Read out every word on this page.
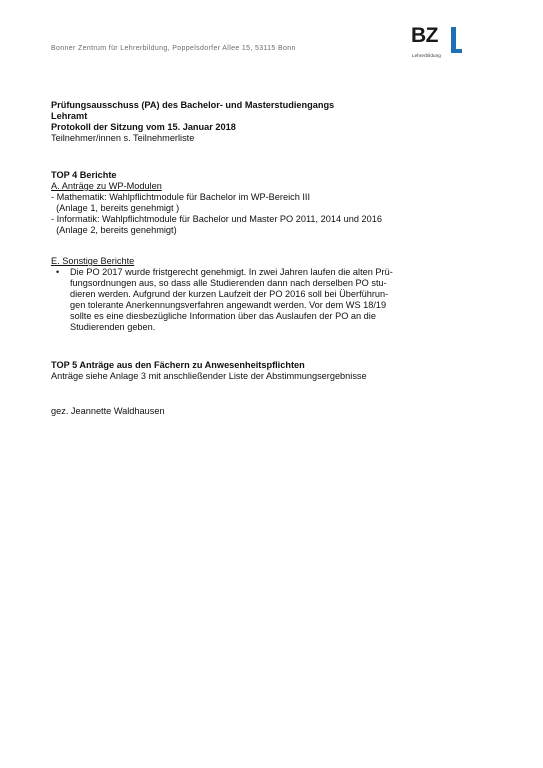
Bonner Zentrum für Lehrerbildung, Poppelsdorfer Allee 15, 53115 Bonn
BZ
Lehrerbildung
Prüfungsausschuss (PA) des Bachelor- und Masterstudiengangs
Lehramt
Protokoll der Sitzung vom 15. Januar 2018
Teilnehmer/innen s. Teilnehmerliste
TOP 4 Berichte
A. Anträge zu WP-Modulen
- Mathematik: Wahlpflichtmodule für Bachelor im WP-Bereich III
(Anlage 1, bereits genehmigt )
- Informatik: Wahlpflichtmodule für Bachelor und Master PO 2011, 2014 und 2016
(Anlage 2, bereits genehmigt)
E. Sonstige Berichte
• Die PO 2017 wurde fristgerecht genehmigt. In zwei Jahren laufen die alten Prü-
fungsordnungen aus, so dass alle Studierenden dann nach derselben PO stu-
dieren werden. Aufgrund der kurzen Laufzeit der PO 2016 soll bei Überführun-
gen tolerante Anerkennungsverfahren angewandt werden. Vor dem WS 18/19
sollte es eine diesbezügliche Information über das Auslaufen der PO an die
Studierenden geben.
TOP 5 Anträge aus den Fächern zu Anwesenheitspflichten
Anträge siehe Anlage 3 mit anschließender Liste der Abstimmungsergebnisse
gez. Jeannette Waldhausen
